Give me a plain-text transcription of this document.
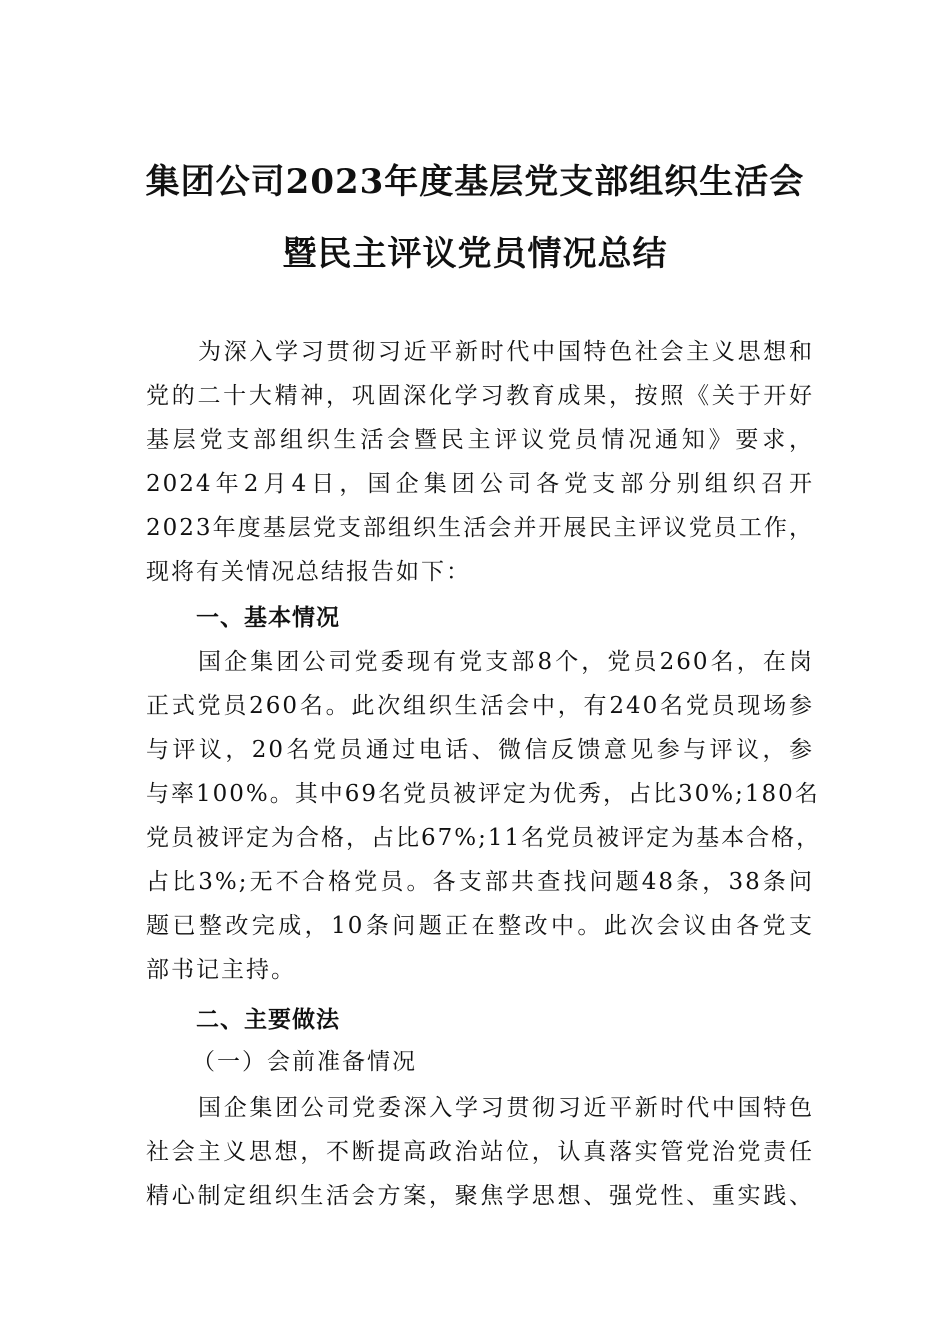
集团公司2023年度基层党支部组织生活会
暨民主评议党员情况总结
为深入学习贯彻习近平新时代中国特色社会主义思想和
党的二十大精神，巩固深化学习教育成果，按照《关于开好
基层党支部组织生活会暨民主评议党员情况通知》要求，
2024年2月4日，国企集团公司各党支部分别组织召开
2023年度基层党支部组织生活会并开展民主评议党员工作，
现将有关情况总结报告如下：
一、基本情况
国企集团公司党委现有党支部8个，党员260名，在岗
正式党员260名。此次组织生活会中，有240名党员现场参
与评议，20名党员通过电话、微信反馈意见参与评议，参
与率100%。其中69名党员被评定为优秀，占比30%;180名
党员被评定为合格，占比67%;11名党员被评定为基本合格，
占比3%;无不合格党员。各支部共查找问题48条，38条问
题已整改完成，10条问题正在整改中。此次会议由各党支
部书记主持。
二、主要做法
（一）会前准备情况
国企集团公司党委深入学习贯彻习近平新时代中国特色
社会主义思想，不断提高政治站位，认真落实管党治党责任
精心制定组织生活会方案，聚焦学思想、强党性、重实践、
